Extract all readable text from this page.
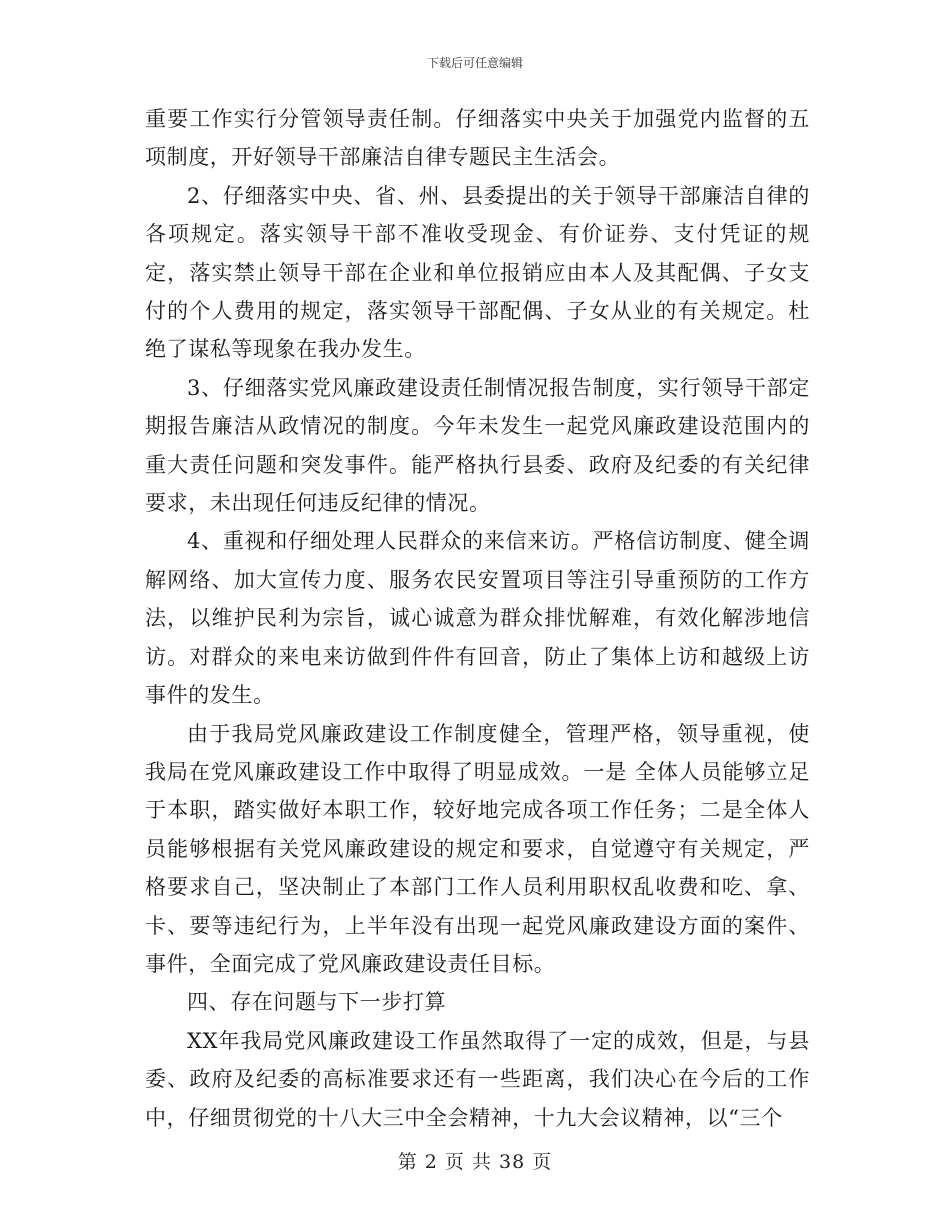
下载后可任意编辑

重要工作实行分管领导责任制。仔细落实中央关于加强党内监督的五项制度，开好领导干部廉洁自律专题民主生活会。

2、仔细落实中央、省、州、县委提出的关于领导干部廉洁自律的各项规定。落实领导干部不准收受现金、有价证券、支付凭证的规定，落实禁止领导干部在企业和单位报销应由本人及其配偶、子女支付的个人费用的规定，落实领导干部配偶、子女从业的有关规定。杜绝了谋私等现象在我办发生。

3、仔细落实党风廉政建设责任制情况报告制度，实行领导干部定期报告廉洁从政情况的制度。今年未发生一起党风廉政建设范围内的重大责任问题和突发事件。能严格执行县委、政府及纪委的有关纪律要求，未出现任何违反纪律的情况。

4、重视和仔细处理人民群众的来信来访。严格信访制度、健全调解网络、加大宣传力度、服务农民安置项目等注引导重预防的工作方法，以维护民利为宗旨，诚心诚意为群众排忧解难，有效化解涉地信访。对群众的来电来访做到件件有回音，防止了集体上访和越级上访事件的发生。

由于我局党风廉政建设工作制度健全，管理严格，领导重视，使我局在党风廉政建设工作中取得了明显成效。一是 全体人员能够立足于本职，踏实做好本职工作，较好地完成各项工作任务；二是全体人员能够根据有关党风廉政建设的规定和要求，自觉遵守有关规定，严格要求自己，坚决制止了本部门工作人员利用职权乱收费和吃、拿、卡、要等违纪行为，上半年没有出现一起党风廉政建设方面的案件、事件，全面完成了党风廉政建设责任目标。

四、存在问题与下一步打算

XX年我局党风廉政建设工作虽然取得了一定的成效，但是，与县委、政府及纪委的高标准要求还有一些距离，我们决心在今后的工作中，仔细贯彻党的十八大三中全会精神，十九大会议精神，以“三个

第 2 页 共 38 页
